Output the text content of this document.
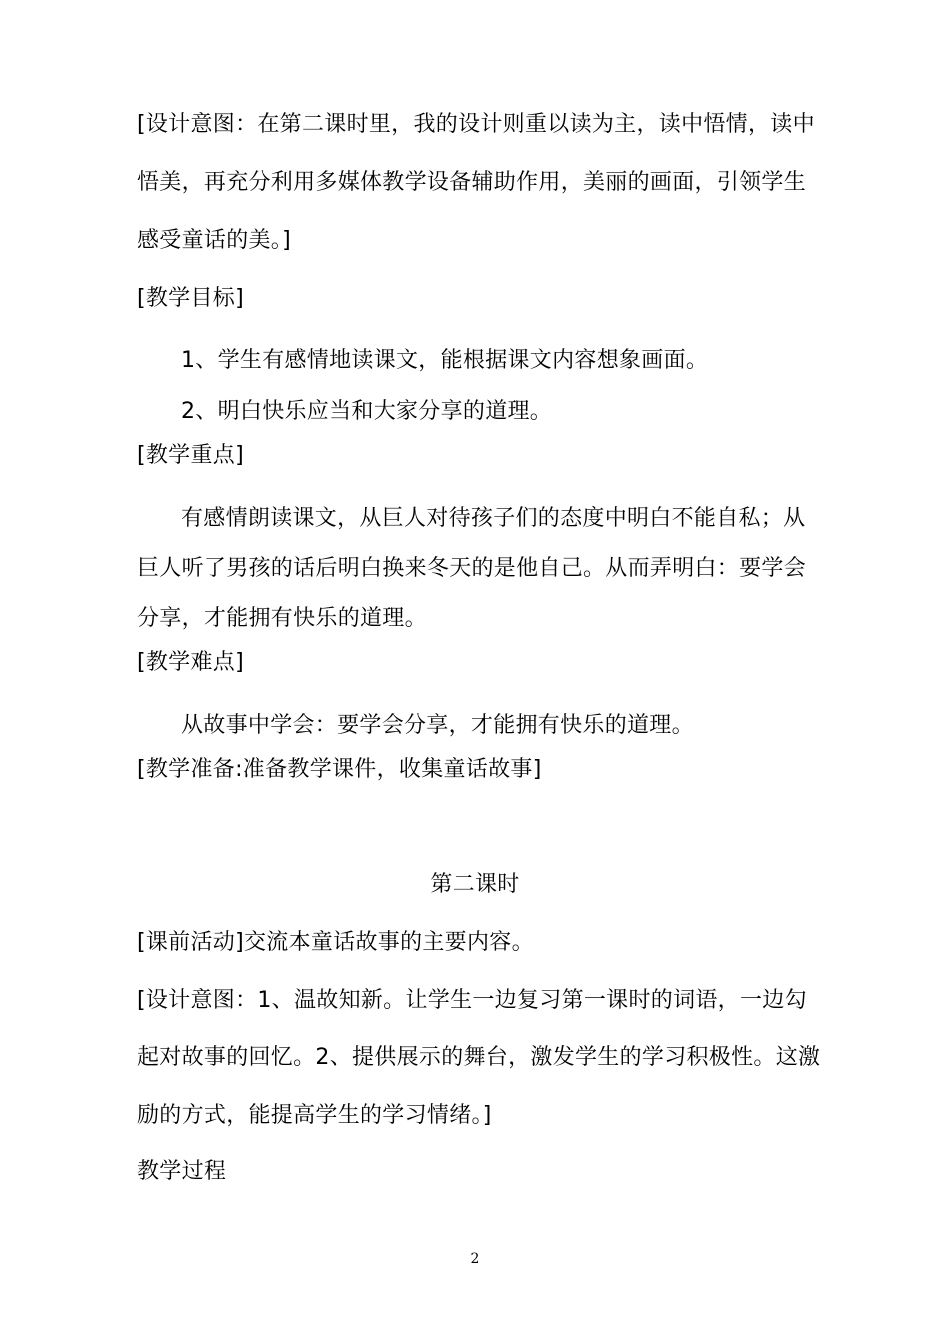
[设计意图：在第二课时里，我的设计则重以读为主，读中悟情，读中
悟美，再充分利用多媒体教学设备辅助作用，美丽的画面，引领学生
感受童话的美。]
[教学目标]
1、学生有感情地读课文，能根据课文内容想象画面。
2、明白快乐应当和大家分享的道理。
[教学重点]
有感情朗读课文，从巨人对待孩子们的态度中明白不能自私；从
巨人听了男孩的话后明白换来冬天的是他自己。从而弄明白：要学会
分享，才能拥有快乐的道理。
[教学难点]
从故事中学会：要学会分享，才能拥有快乐的道理。
[教学准备:准备教学课件，收集童话故事]
第二课时
[课前活动]交流本童话故事的主要内容。
[设计意图：1、温故知新。让学生一边复习第一课时的词语，一边勾
起对故事的回忆。2、提供展示的舞台，激发学生的学习积极性。这激
励的方式，能提高学生的学习情绪。]
教学过程
2
